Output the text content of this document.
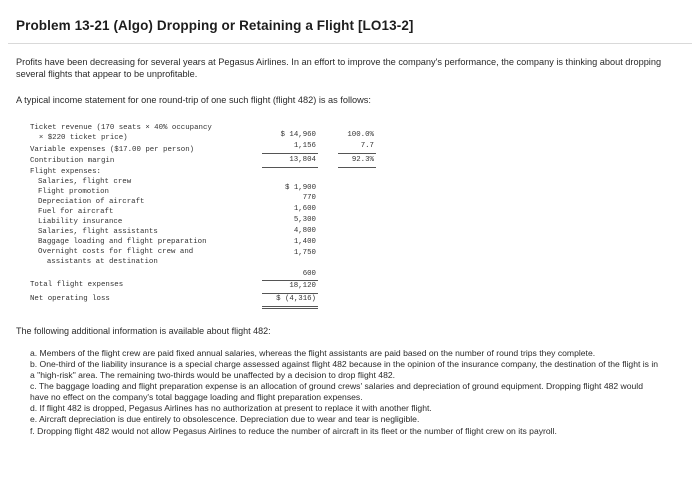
Problem 13-21 (Algo) Dropping or Retaining a Flight [LO13-2]
Profits have been decreasing for several years at Pegasus Airlines. In an effort to improve the company's performance, the company is thinking about dropping several flights that appear to be unprofitable.
A typical income statement for one round-trip of one such flight (flight 482) is as follows:
Ticket revenue (170 seats × 40% occupancy
× $220 ticket price)
Variable expenses ($17.00 per person)
Contribution margin
Flight expenses:
$ 14,960
1,156
13,804
100.0%
7.7
92.3%
Salaries, flight crew
Flight promotion
Depreciation of aircraft
Fuel for aircraft
Liability insurance
Salaries, flight assistants
Baggage loading and flight preparation
Overnight costs for flight crew and
assistants at destination
$ 1,900
770
1,600
5,300
4,800
1,400
1,750
600
Total flight expenses	18,120
Net operating loss	$ (4,316)
The following additional information is available about flight 482:
a. Members of the flight crew are paid fixed annual salaries, whereas the flight assistants are paid based on the number of round trips they complete.
b. One-third of the liability insurance is a special charge assessed against flight 482 because in the opinion of the insurance company, the destination of the flight is in a "high-risk" area. The remaining two-thirds would be unaffected by a decision to drop flight 482.
c. The baggage loading and flight preparation expense is an allocation of ground crews' salaries and depreciation of ground equipment. Dropping flight 482 would have no effect on the company's total baggage loading and flight preparation expenses.
d. If flight 482 is dropped, Pegasus Airlines has no authorization at present to replace it with another flight.
e. Aircraft depreciation is due entirely to obsolescence. Depreciation due to wear and tear is negligible.
f. Dropping flight 482 would not allow Pegasus Airlines to reduce the number of aircraft in its fleet or the number of flight crew on its payroll.
